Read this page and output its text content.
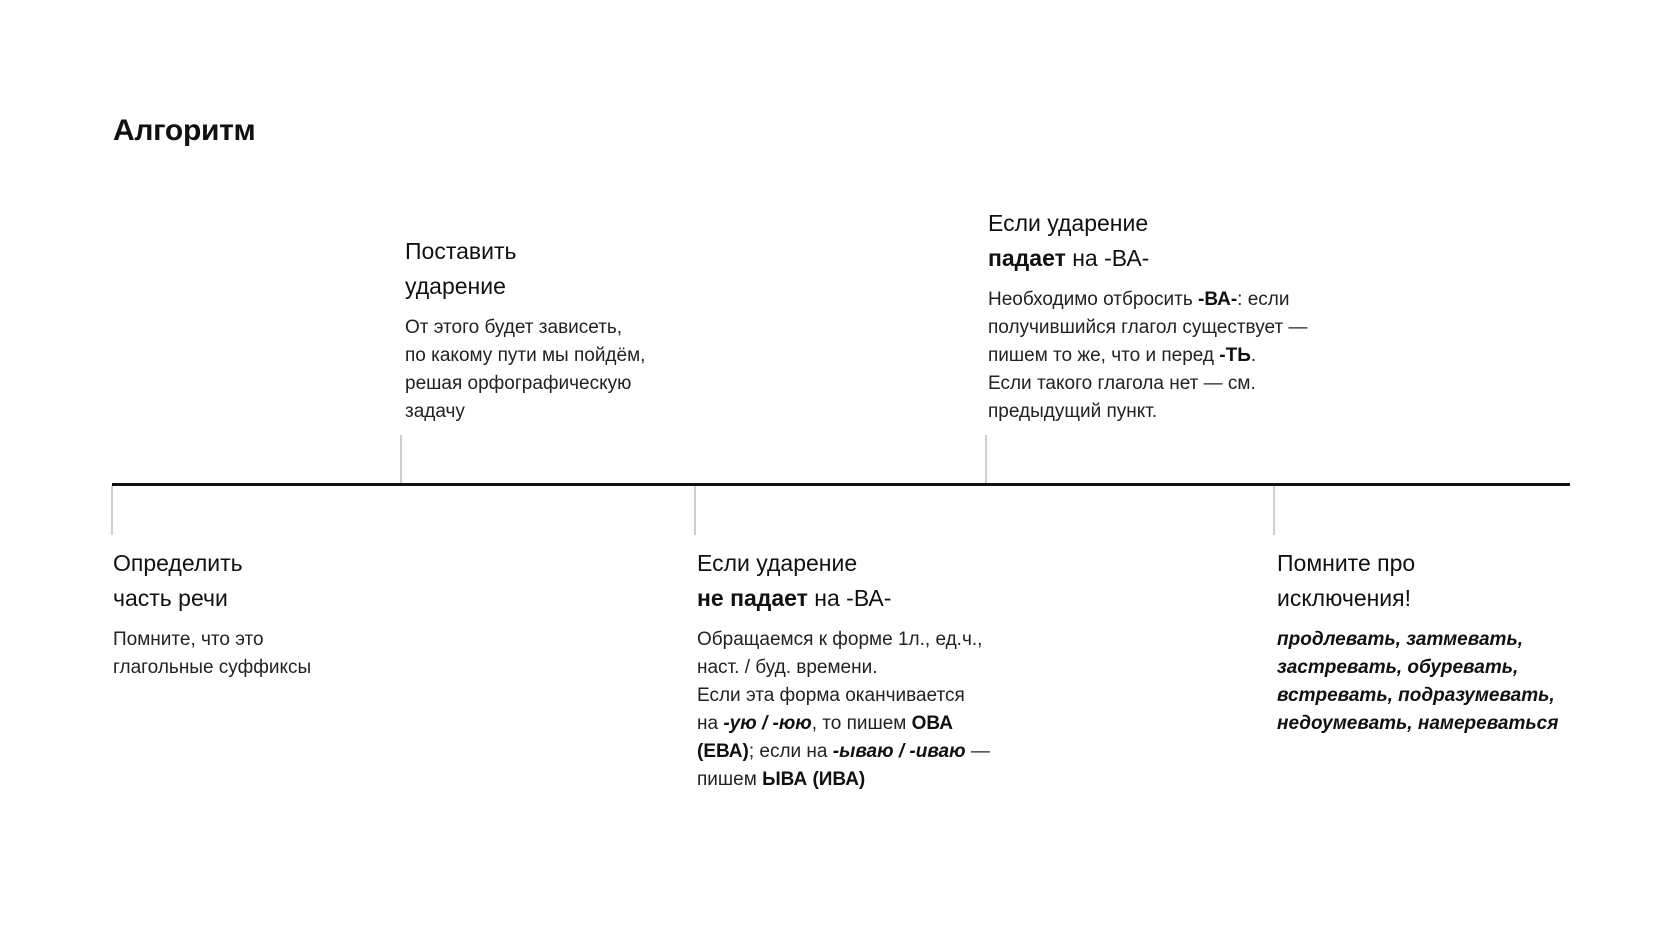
Алгоритм
Определить
часть речи
Помните, что это
глагольные суффиксы
Поставить
ударение
От этого будет зависеть,
по какому пути мы пойдём,
решая орфографическую
задачу
Если ударение
не падает на -ВА-
Обращаемся к форме 1л., ед.ч.,
наст. / буд. времени.
Если эта форма оканчивается
на -ую / -юю, то пишем ОВА
(ЕВА); если на -ываю / -иваю —
пишем ЫВА (ИВА)
Если ударение
падает на -ВА-
Необходимо отбросить -ВА-: если
получившийся глагол существует —
пишем то же, что и перед -ТЬ.
Если такого глагола нет — см.
предыдущий пункт.
Помните про
исключения!
продлевать, затмевать,
застревать, обуревать,
встревать, подразумевать,
недоумевать, намереваться
